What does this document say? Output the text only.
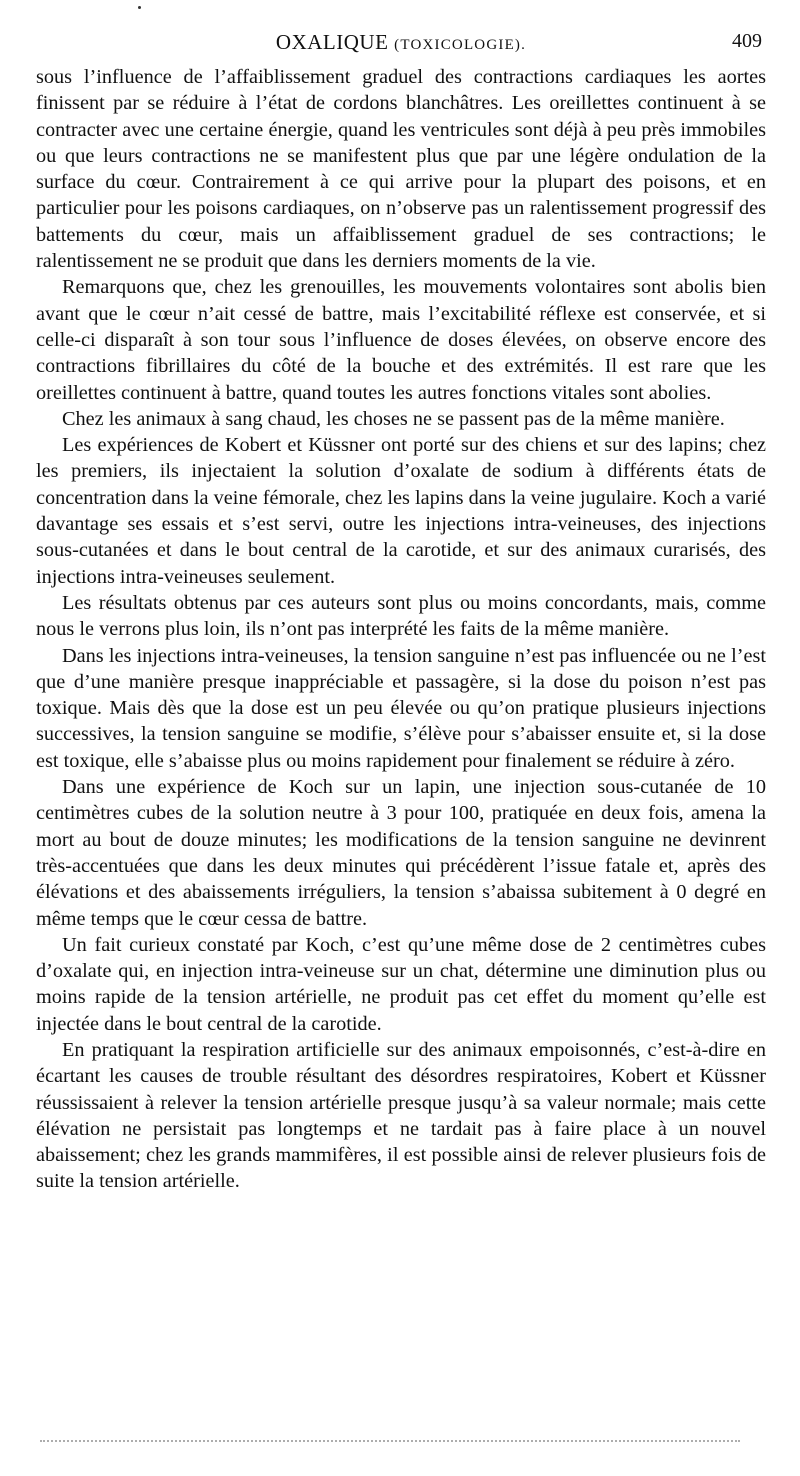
OXALIQUE (TOXICOLOGIE).	409

sous l’influence de l’affaiblissement graduel des contractions cardiaques les aortes finissent par se réduire à l’état de cordons blanchâtres. Les oreillettes continuent à se contracter avec une certaine énergie, quand les ventricules sont déjà à peu près immobiles ou que leurs contractions ne se manifestent plus que par une légère ondulation de la surface du cœur. Contrairement à ce qui arrive pour la plupart des poisons, et en particulier pour les poisons cardiaques, on n’observe pas un ralentissement progressif des battements du cœur, mais un affaiblissement graduel de ses contractions; le ralentissement ne se produit que dans les derniers moments de la vie.

Remarquons que, chez les grenouilles, les mouvements volontaires sont abolis bien avant que le cœur n’ait cessé de battre, mais l’excitabilité réflexe est conservée, et si celle-ci disparaît à son tour sous l’influence de doses élevées, on observe encore des contractions fibrillaires du côté de la bouche et des extrémités. Il est rare que les oreillettes continuent à battre, quand toutes les autres fonctions vitales sont abolies.

Chez les animaux à sang chaud, les choses ne se passent pas de la même manière.

Les expériences de Kobert et Küssner ont porté sur des chiens et sur des lapins; chez les premiers, ils injectaient la solution d’oxalate de sodium à différents états de concentration dans la veine fémorale, chez les lapins dans la veine jugulaire. Koch a varié davantage ses essais et s’est servi, outre les injections intra-veineuses, des injections sous-cutanées et dans le bout central de la carotide, et sur des animaux curarisés, des injections intra-veineuses seulement.

Les résultats obtenus par ces auteurs sont plus ou moins concordants, mais, comme nous le verrons plus loin, ils n’ont pas interprété les faits de la même manière.

Dans les injections intra-veineuses, la tension sanguine n’est pas influencée ou ne l’est que d’une manière presque inappréciable et passagère, si la dose du poison n’est pas toxique. Mais dès que la dose est un peu élevée ou qu’on pratique plusieurs injections successives, la tension sanguine se modifie, s’élève pour s’abaisser ensuite et, si la dose est toxique, elle s’abaisse plus ou moins rapidement pour finalement se réduire à zéro.

Dans une expérience de Koch sur un lapin, une injection sous-cutanée de 10 centimètres cubes de la solution neutre à 3 pour 100, pratiquée en deux fois, amena la mort au bout de douze minutes; les modifications de la tension sanguine ne devinrent très-accentuées que dans les deux minutes qui précédèrent l’issue fatale et, après des élévations et des abaissements irréguliers, la tension s’abaissa subitement à 0 degré en même temps que le cœur cessa de battre.

Un fait curieux constaté par Koch, c’est qu’une même dose de 2 centimètres cubes d’oxalate qui, en injection intra-veineuse sur un chat, détermine une diminution plus ou moins rapide de la tension artérielle, ne produit pas cet effet du moment qu’elle est injectée dans le bout central de la carotide.

En pratiquant la respiration artificielle sur des animaux empoisonnés, c’est-à-dire en écartant les causes de trouble résultant des désordres respiratoires, Kobert et Küssner réussissaient à relever la tension artérielle presque jusqu’à sa valeur normale; mais cette élévation ne persistait pas longtemps et ne tardait pas à faire place à un nouvel abaissement; chez les grands mammifères, il est possible ainsi de relever plusieurs fois de suite la tension artérielle.
